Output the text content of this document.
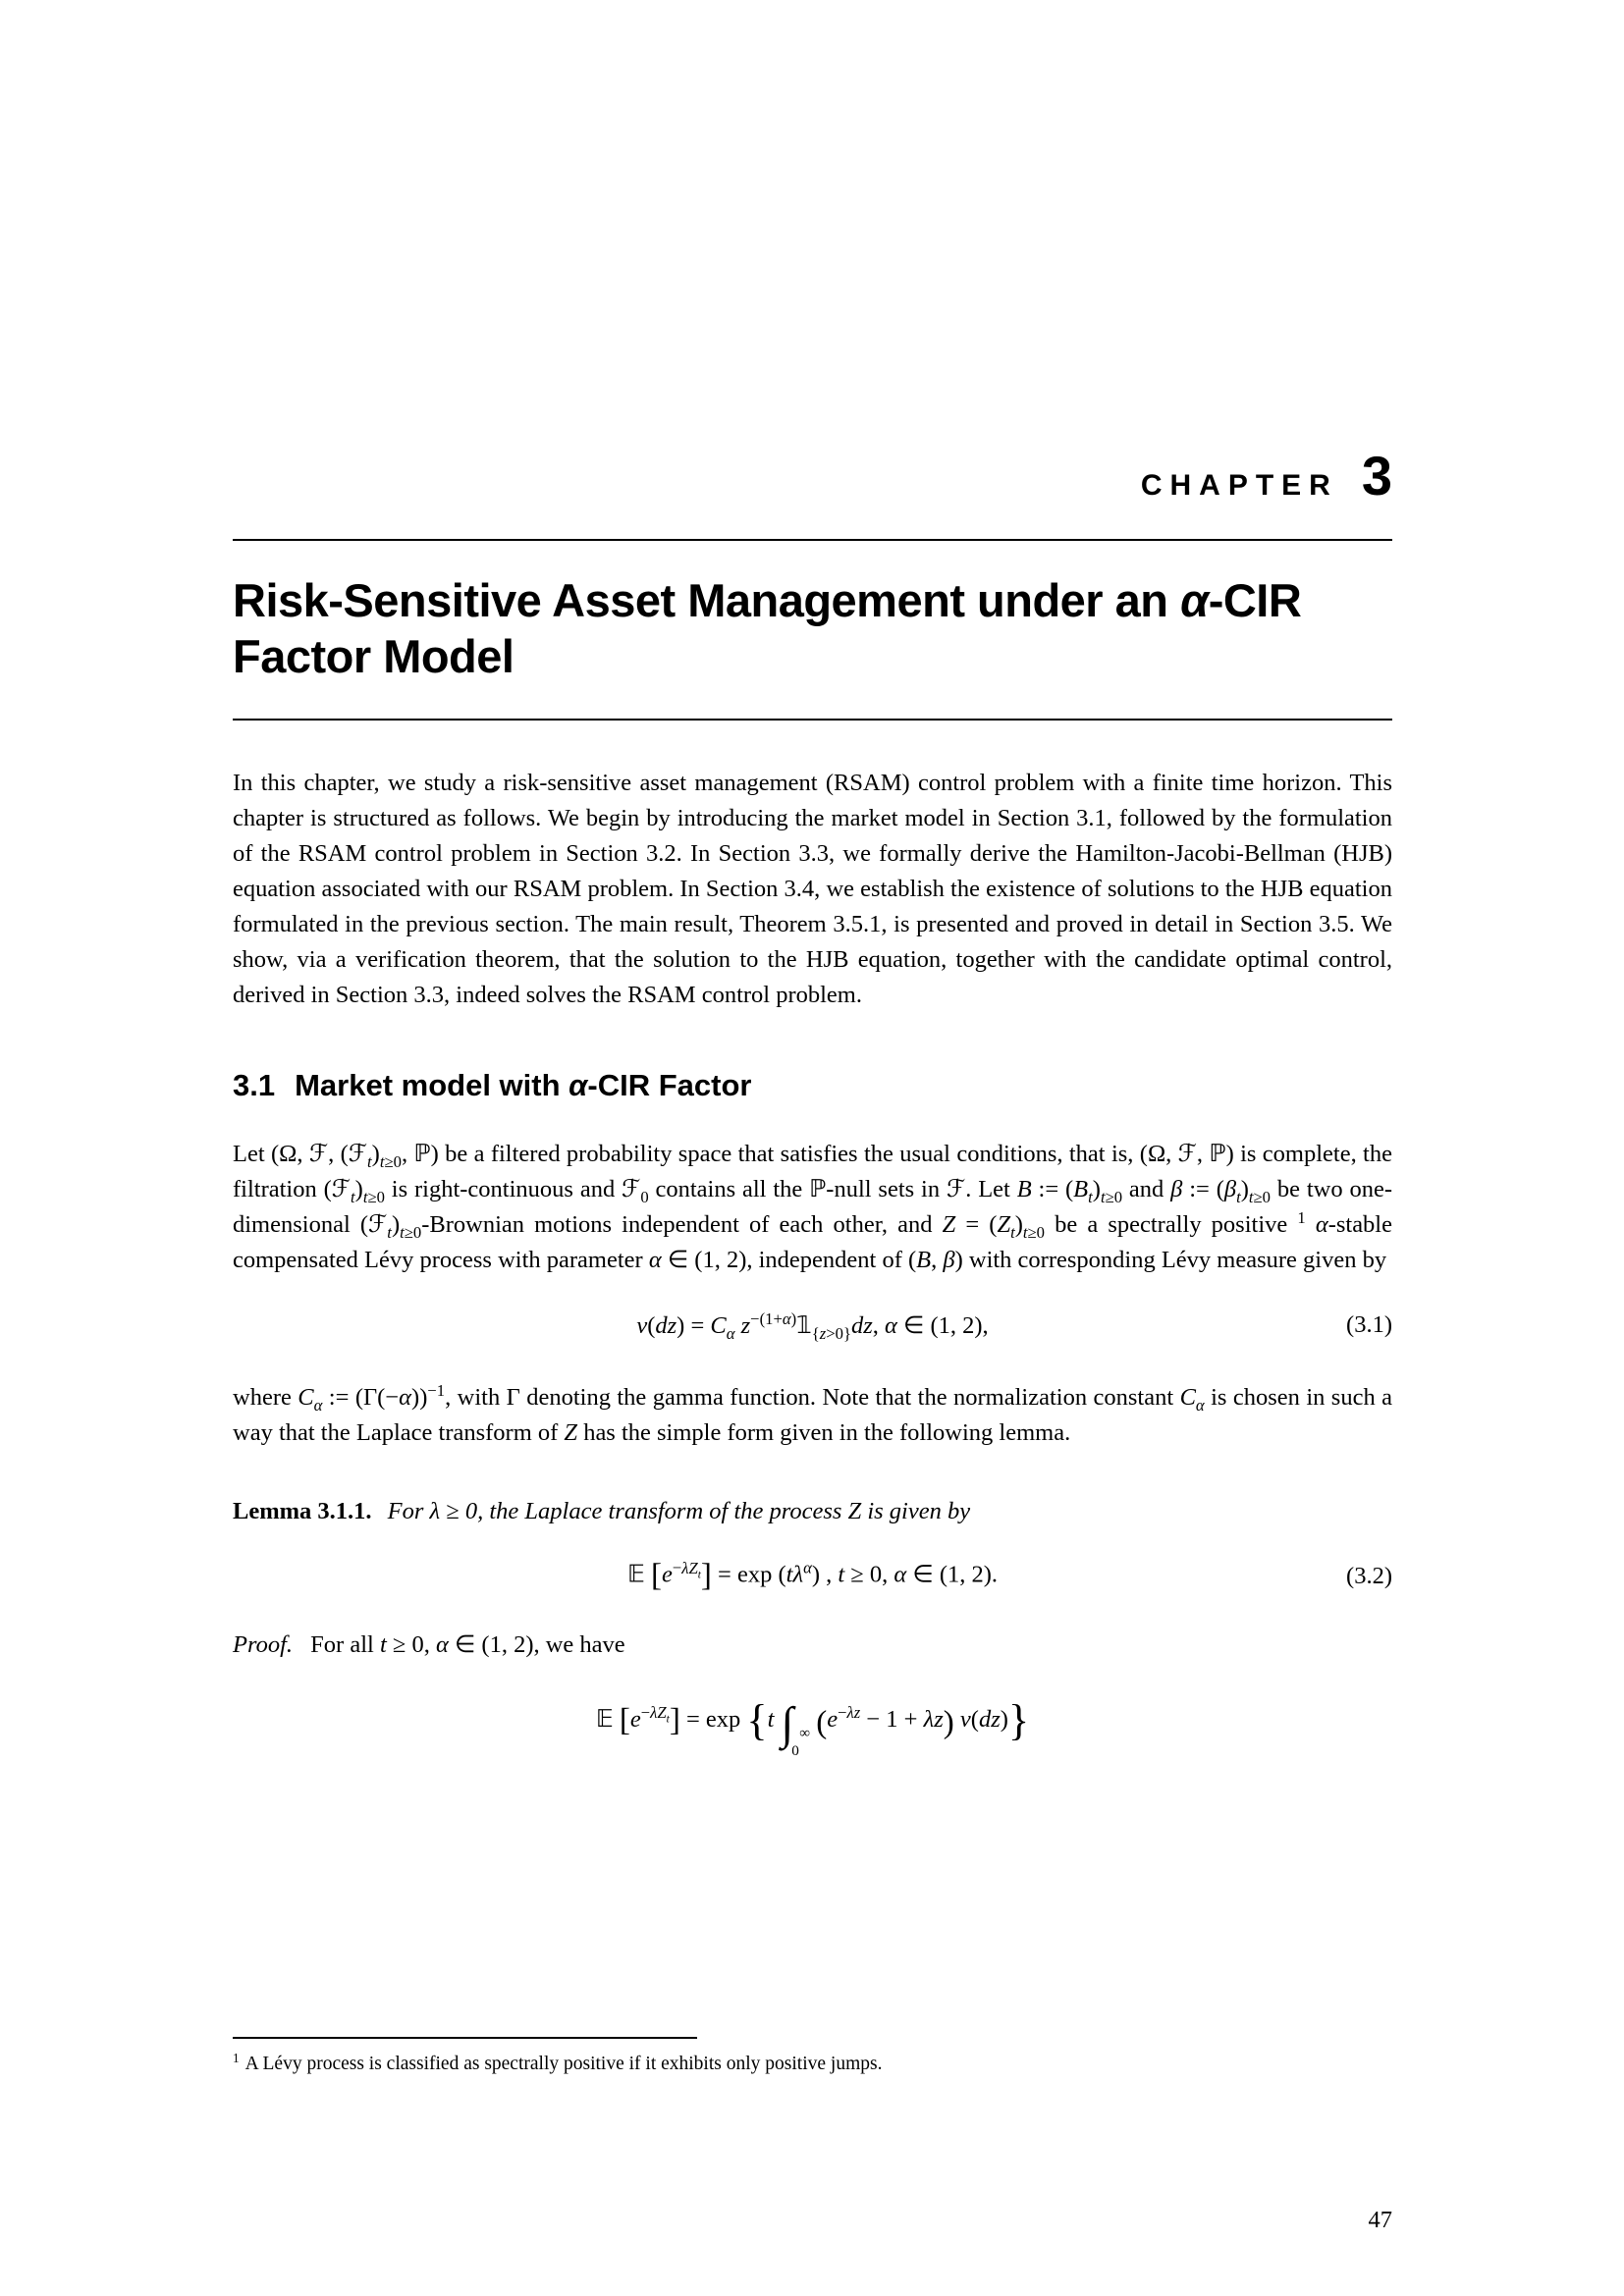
CHAPTER 3
Risk-Sensitive Asset Management under an α-CIR Factor Model

In this chapter, we study a risk-sensitive asset management (RSAM) control problem with a finite time horizon. This chapter is structured as follows. We begin by introducing the market model in Section 3.1, followed by the formulation of the RSAM control problem in Section 3.2. In Section 3.3, we formally derive the Hamilton-Jacobi-Bellman (HJB) equation associated with our RSAM problem. In Section 3.4, we establish the existence of solutions to the HJB equation formulated in the previous section. The main result, Theorem 3.5.1, is presented and proved in detail in Section 3.5. We show, via a verification theorem, that the solution to the HJB equation, together with the candidate optimal control, derived in Section 3.3, indeed solves the RSAM control problem.

3.1 Market model with α-CIR Factor

Let (Ω, ℱ, $(ℱ_t)_{t\ge 0}$, ℙ) be a filtered probability space that satisfies the usual conditions, that is, (Ω, ℱ, ℙ) is complete, the filtration $(ℱ_t)_{t\ge 0}$ is right-continuous and ℱ$_0$ contains all the ℙ-null sets in ℱ. Let B := $(B_t)_{t\ge 0}$ and β := $(\beta_t)_{t\ge 0}$ be two one-dimensional $(ℱ_t)_{t\ge 0}$-Brownian motions independent of each other, and $Z = (Z_t)_{t\ge 0}$ be a spectrally positive $^1$ α-stable compensated Lévy process with parameter α ∈ (1, 2), independent of (B, β) with corresponding Lévy measure given by

$\nu(dz) = C_\alpha$ $z^{-(1+\alpha)}𝟙_{\{z>0\}}dz$, α ∈ (1, 2),	(3.1)

where $C_\alpha$ := $(\Gamma(-\alpha))^{-1}$, with Γ denoting the gamma function. Note that the normalization constant $C_\alpha$ is chosen in such a way that the Laplace transform of Z has the simple form given in the following lemma.

Lemma 3.1.1. For λ ≥ 0, the Laplace transform of the process Z is given by

𝔼 $[e^{-\lambda Z_t}] = \exp (t\lambda^\alpha)$ , t ≥ 0, α ∈ (1, 2).	(3.2)

Proof. For all t ≥ 0, α ∈ (1, 2), we have

𝔼 $[e^{-\lambda Z_t}] = \exp \{t$ ∫ ∞
0
$(e^{-\lambda z} - 1 + \lambda z)$ ν(dz)}

$^1$ A Lévy process is classified as spectrally positive if it exhibits only positive jumps.

47
